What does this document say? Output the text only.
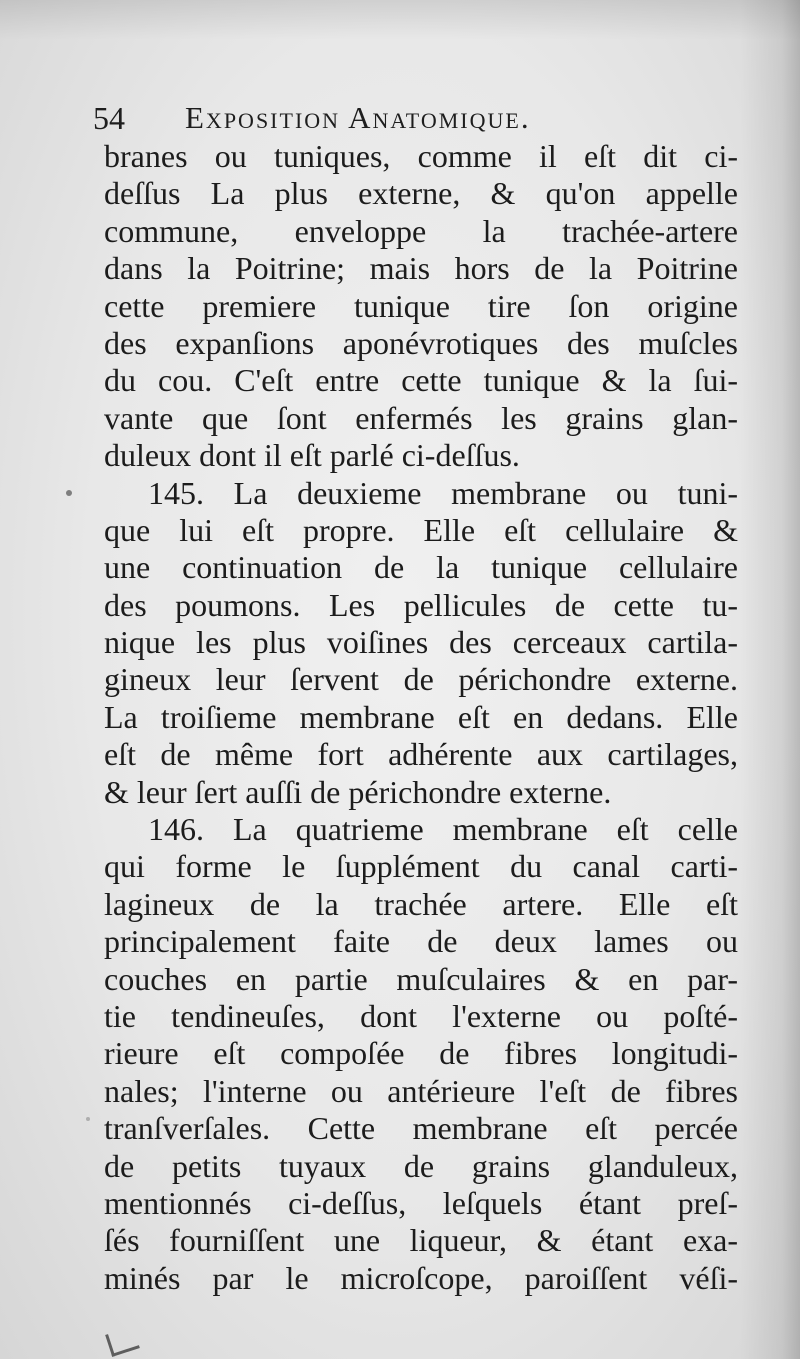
54 Exposition Anatomique.
branes ou tuniques, comme il eſt dit ci-
deſſus La plus externe, & qu'on appelle
commune, enveloppe la trachée-artere
dans la Poitrine; mais hors de la Poitrine
cette premiere tunique tire ſon origine
des expanſions aponévrotiques des muſcles
du cou. C'eſt entre cette tunique & la ſui-
vante que ſont enfermés les grains glan-
duleux dont il eſt parlé ci-deſſus.
145. La deuxieme membrane ou tuni-
que lui eſt propre. Elle eſt cellulaire &
une continuation de la tunique cellulaire
des poumons. Les pellicules de cette tu-
nique les plus voiſines des cerceaux cartila-
gineux leur ſervent de périchondre externe.
La troiſieme membrane eſt en dedans. Elle
eſt de même fort adhérente aux cartilages,
& leur ſert auſſi de périchondre externe.
146. La quatrieme membrane eſt celle
qui forme le ſupplément du canal carti-
lagineux de la trachée artere. Elle eſt
principalement faite de deux lames ou
couches en partie muſculaires & en par-
tie tendineuſes, dont l'externe ou poſté-
rieure eſt compoſée de fibres longitudi-
nales; l'interne ou antérieure l'eſt de fibres
tranſverſales. Cette membrane eſt percée
de petits tuyaux de grains glanduleux,
mentionnés ci-deſſus, leſquels étant preſ-
ſés fourniſſent une liqueur, & étant exa-
minés par le microſcope, paroiſſent véſi-
